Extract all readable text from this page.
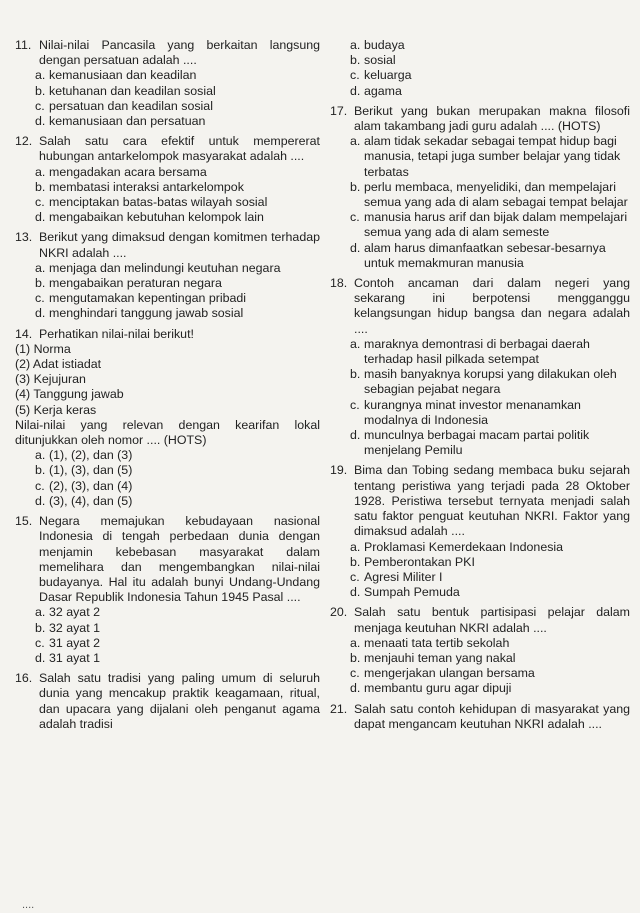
11. Nilai-nilai Pancasila yang berkaitan langsung dengan persatuan adalah ....
a. kemanusiaan dan keadilan
b. ketuhanan dan keadilan sosial
c. persatuan dan keadilan sosial
d. kemanusiaan dan persatuan
12. Salah satu cara efektif untuk mempererat hubungan antarkelompok masyarakat adalah ....
a. mengadakan acara bersama
b. membatasi interaksi antarkelompok
c. menciptakan batas-batas wilayah sosial
d. mengabaikan kebutuhan kelompok lain
13. Berikut yang dimaksud dengan komitmen terhadap NKRI adalah ....
a. menjaga dan melindungi keutuhan negara
b. mengabaikan peraturan negara
c. mengutamakan kepentingan pribadi
d. menghindari tanggung jawab sosial
14. Perhatikan nilai-nilai berikut!
(1) Norma
(2) Adat istiadat
(3) Kejujuran
(4) Tanggung jawab
(5) Kerja keras
Nilai-nilai yang relevan dengan kearifan lokal ditunjukkan oleh nomor .... (HOTS)
a. (1), (2), dan (3)
b. (1), (3), dan (5)
c. (2), (3), dan (4)
d. (3), (4), dan (5)
15. Negara memajukan kebudayaan nasional Indonesia di tengah perbedaan dunia dengan menjamin kebebasan masyarakat dalam memelihara dan mengembangkan nilai-nilai budayanya. Hal itu adalah bunyi Undang-Undang Dasar Republik Indonesia Tahun 1945 Pasal ....
a. 32 ayat 2
b. 32 ayat 1
c. 31 ayat 2
d. 31 ayat 1
16. Salah satu tradisi yang paling umum di seluruh dunia yang mencakup praktik keagamaan, ritual, dan upacara yang dijalani oleh penganut agama adalah tradisi
....
a. budaya
b. sosial
c. keluarga
d. agama
17. Berikut yang bukan merupakan makna filosofi alam takambang jadi guru adalah .... (HOTS)
a. alam tidak sekadar sebagai tempat hidup bagi manusia, tetapi juga sumber belajar yang tidak terbatas
b. perlu membaca, menyelidiki, dan mempelajari semua yang ada di alam sebagai tempat belajar
c. manusia harus arif dan bijak dalam mempelajari semua yang ada di alam semeste
d. alam harus dimanfaatkan sebesar-besarnya untuk memakmuran manusia
18. Contoh ancaman dari dalam negeri yang sekarang ini berpotensi mengganggu kelangsungan hidup bangsa dan negara adalah ....
a. maraknya demontrasi di berbagai daerah terhadap hasil pilkada setempat
b. masih banyaknya korupsi yang dilakukan oleh sebagian pejabat negara
c. kurangnya minat investor menanamkan modalnya di Indonesia
d. munculnya berbagai macam partai politik menjelang Pemilu
19. Bima dan Tobing sedang membaca buku sejarah tentang peristiwa yang terjadi pada 28 Oktober 1928. Peristiwa tersebut ternyata menjadi salah satu faktor penguat keutuhan NKRI. Faktor yang dimaksud adalah ....
a. Proklamasi Kemerdekaan Indonesia
b. Pemberontakan PKI
c. Agresi Militer I
d. Sumpah Pemuda
20. Salah satu bentuk partisipasi pelajar dalam menjaga keutuhan NKRI adalah ....
a. menaati tata tertib sekolah
b. menjauhi teman yang nakal
c. mengerjakan ulangan bersama
d. membantu guru agar dipuji
21. Salah satu contoh kehidupan di masyarakat yang dapat mengancam keutuhan NKRI adalah ....
